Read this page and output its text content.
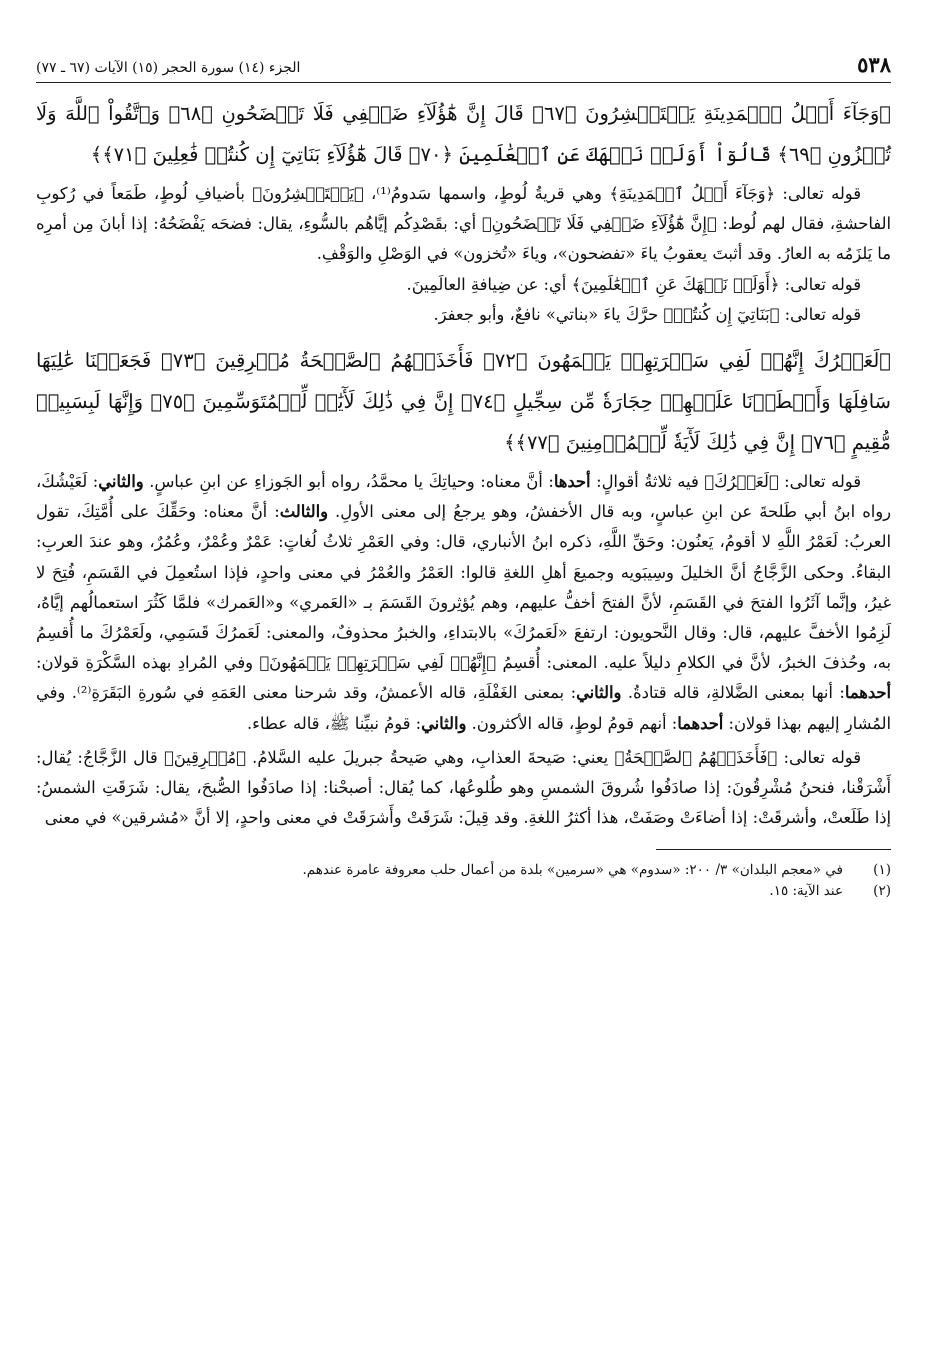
٥٣٨
الجزء (١٤) سورة الحجر (١٥) الآيات (٦٧ ـ ٧٧)
﴿وَجَآءَ أَهۡلُ ٱلۡمَدِينَةِ يَسۡتَبۡشِرُونَ ﴿٦٧﴾ قَالَ إِنَّ هَٰٓؤُلَآءِ ضَيۡفِي فَلَا تَفۡضَحُونِ ﴿٦٨﴾ وَٱتَّقُواْ ٱللَّهَ وَلَا تُخۡزُونِ ﴿٦٩﴾ قَالُوٓاْ أَوَلَمۡ نَنۡهَكَ عَنِ ٱلۡعَٰلَمِينَ ﴿٧٠﴾ قَالَ هَٰٓؤُلَآءِ بَنَاتِيٓ إِن كُنتُمۡ فَٰعِلِينَ ﴿٧١﴾﴾

قوله تعالى: ﴿وَجَآءَ أَهۡلُ ٱلۡمَدِينَةِ﴾ وهي قريةُ لُوطٍ، واسمها سَدومُ⁽¹⁾، ﴿يَسۡتَبۡشِرُونَ﴾ بأضيافِ لُوطٍ، طَمَعاً في رُكوبِ الفاحشةِ، فقال لهم لُوط: ﴿إِنَّ هَٰٓؤُلَآءِ ضَيۡفِي فَلَا تَفۡضَحُونِ﴾ أي: بقَصْدِكُم إيَّاهُم بالسُّوءِ، يقال: فضحَه يَفْضَحُهُ: إذا أبانَ مِن أمرِه ما يَلزَمُه به العارُ. وقد أثبتَ يعقوبُ ياءَ «تفضحون»، وياءَ «تُخزون» في الوَصْلِ والوَقْفِ.

قوله تعالى: ﴿أَوَلَمۡ نَنۡهَكَ عَنِ ٱلۡعَٰلَمِينَ﴾ أي: عن ضِيافةِ العالَمِينَ.

قوله تعالى: ﴿بَنَاتِيٓ إِن كُنتُمۡ﴾ حرَّكَ ياءَ «بناتي» نافعٌ، وأبو جعفرَ.

﴿لَعَمۡرُكَ إِنَّهُمۡ لَفِي سَكۡرَتِهِمۡ يَعۡمَهُونَ ﴿٧٢﴾ فَأَخَذَتۡهُمُ ٱلصَّيۡحَةُ مُشۡرِقِينَ ﴿٧٣﴾ فَجَعَلۡنَا عَٰلِيَهَا سَافِلَهَا وَأَمۡطَرۡنَا عَلَيۡهِمۡ حِجَارَةٗ مِّن سِجِّيلٍ ﴿٧٤﴾ إِنَّ فِي ذَٰلِكَ لَأٓيَٰتٖ لِّلۡمُتَوَسِّمِينَ ﴿٧٥﴾ وَإِنَّهَا لَبِسَبِيلٖ مُّقِيمٍ ﴿٧٦﴾ إِنَّ فِي ذَٰلِكَ لَأٓيَةٗ لِّلۡمُؤۡمِنِينَ ﴿٧٧﴾﴾

قوله تعالى: ﴿لَعَمۡرُكَ﴾ فيه ثلاثةُ أقوالٍ: أحدها: أنَّ معناه: وحياتِكَ يا محمَّدُ، رواه أبو الجَوزاءِ عن ابنِ عباسٍ. والثاني: لَعَيْشُكَ، رواه ابنُ أبي طَلحةَ عن ابنِ عباسٍ، وبه قال الأخفشُ، وهو يرجعُ إلى معنى الأولِ. والثالث: أنَّ معناه: وحَقِّكَ على أُمَّتِكَ، تقول العربُ: لَعَمْرُ اللَّهِ لا أقومُ، يَعنُون: وحَقِّ اللَّهِ، ذكره ابنُ الأنباري، قال: وفي العَمْرِ ثلاثُ لُغاتٍ: عَمْرٌ وعُمْرٌ، وعُمُرٌ، وهو عندَ العربِ: البقاءُ. وحكى الزَّجَّاجُ أنَّ الخليلَ وسِيبَويه وجميعَ أهلِ اللغةِ قالوا: العَمْرُ والعُمْرُ في معنى واحدٍ، فإذا استُعمِلَ في القَسَمِ، فُتِحَ لا غيرُ، وإنَّما آثَرُوا الفتحَ في القَسَمِ، لأنَّ الفتحَ أخفُّ عليهم، وهم يُؤثِرونَ القَسَمَ بـ «العَمري» و«العَمرك» فلمَّا كَثُرَ استعمالُهم إيَّاهُ، لَزِمُوا الأخفَّ عليهم، قال: وقال النَّحويون: ارتفعَ «لَعَمرُكَ» بالابتداءِ، والخبرُ محذوفٌ، والمعنى: لَعَمرُكَ قَسَمِي، ولَعَمْرُكَ ما أُقسِمُ به، وحُذفَ الخبرُ، لأنَّ في الكلامِ دليلاً عليه. المعنى: أُقسِمُ ﴿إِنَّهُمۡ لَفِي سَكۡرَتِهِمۡ يَعۡمَهُونَ﴾ وفي المُرادِ بهذه السَّكْرَةِ قولان: أحدهما: أنها بمعنى الضَّلالةِ، قاله قتادةُ. والثاني: بمعنى الغَفْلَةِ، قاله الأعمشُ، وقد شرحنا معنى العَمَهِ في سُورةِ البَقَرَةِ⁽²⁾. وفي المُشارِ إليهم بهذا قولان: أحدهما: أنهم قومُ لوطٍ، قاله الأكثرون. والثاني: قومُ نبيِّنا ﷺ، قاله عطاء.

قوله تعالى: ﴿فَأَخَذَتۡهُمُ ٱلصَّيۡحَةُ﴾ يعني: صَيحةَ العذابِ، وهي صَيحةُ جبريلَ عليه السَّلامُ. ﴿مُشۡرِقِينَ﴾ قال الزَّجَّاجُ: يُقال: أَشْرَقْنا، فنحنُ مُشْرِقُونَ: إذا صادَفُوا شُروقَ الشمسِ وهو طُلوعُها، كما يُقال: أصبحْنا: إذا صادَفُوا الصُّبحَ، يقال: شَرَقَتِ الشمسُ: إذا طَلَعتْ، وأشرقَتْ: إذا أضاءَتْ وصَفَتْ، هذا أكثرُ اللغةِ. وقد قِيلَ: شَرَقَتْ وأَشرَقَتْ في معنى واحدٍ، إلا أنَّ «مُشرقين» في معنى

(١)
في «معجم البلدان» ٣/ ٢٠٠: «سدوم» هي «سرمين» بلدة من أعمال حلب معروفة عامرة عندهم.
(٢)
عند الآية: ١٥.
